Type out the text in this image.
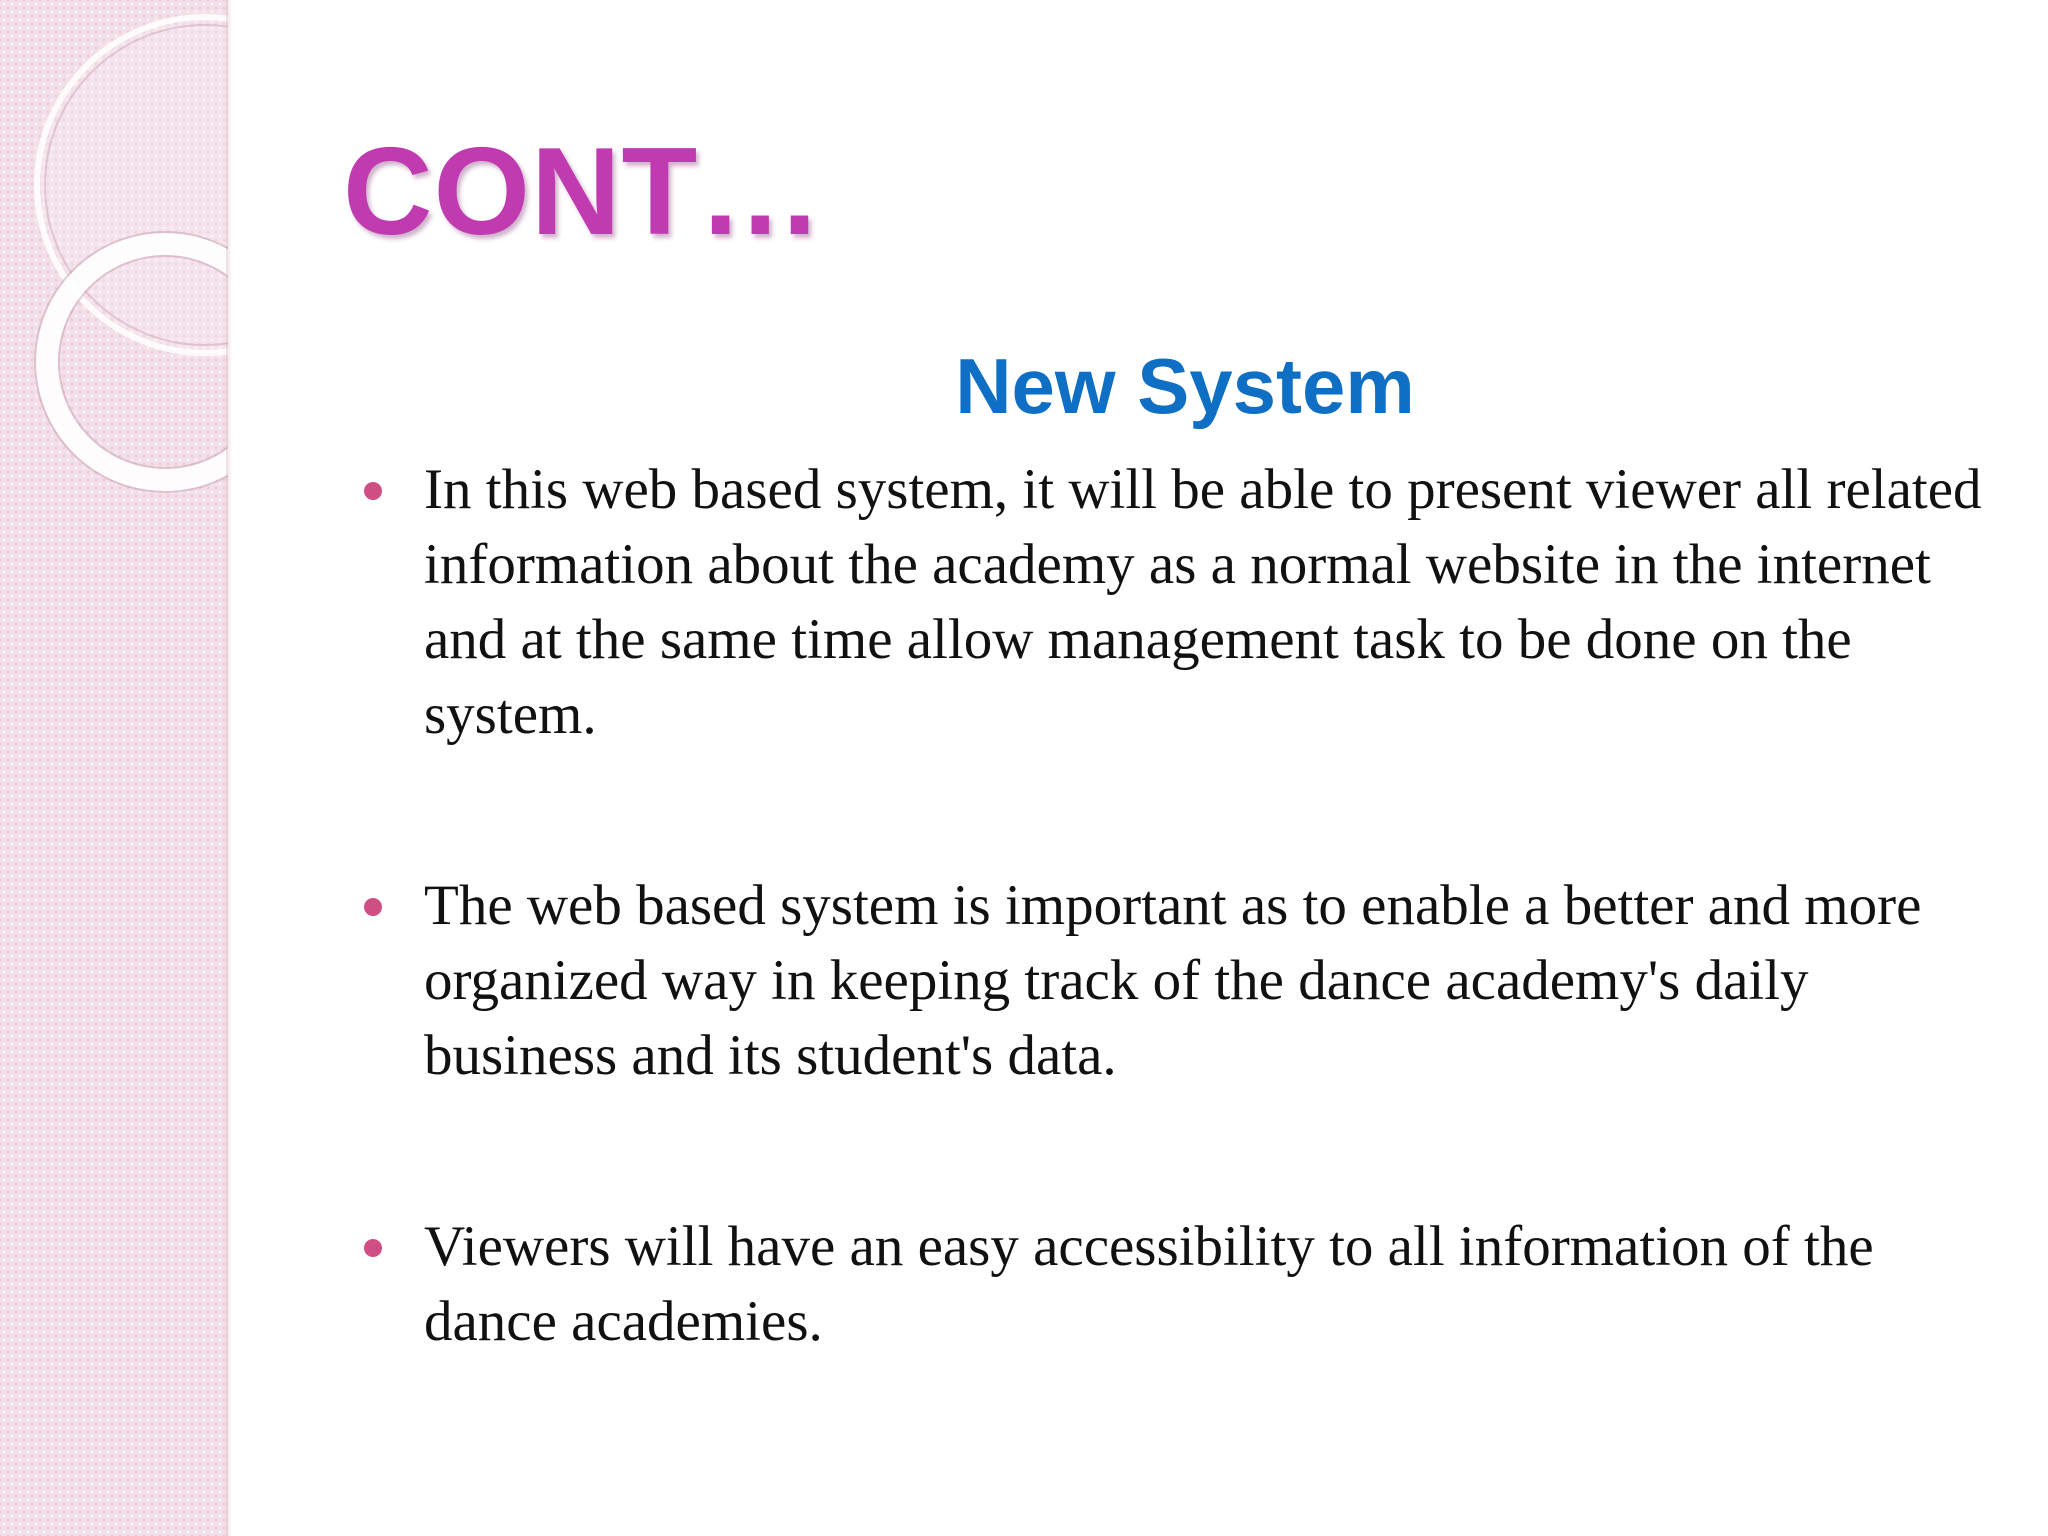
CONT…
New System
In this web based system, it will be able to present viewer all related information about the academy as a normal website in the internet and at the same time allow management task to be done on the system.
The web based system is important as to enable a better and more organized way in keeping track of the dance academy's daily business and its student's data.
Viewers will have an easy accessibility to all information of the dance academies.
